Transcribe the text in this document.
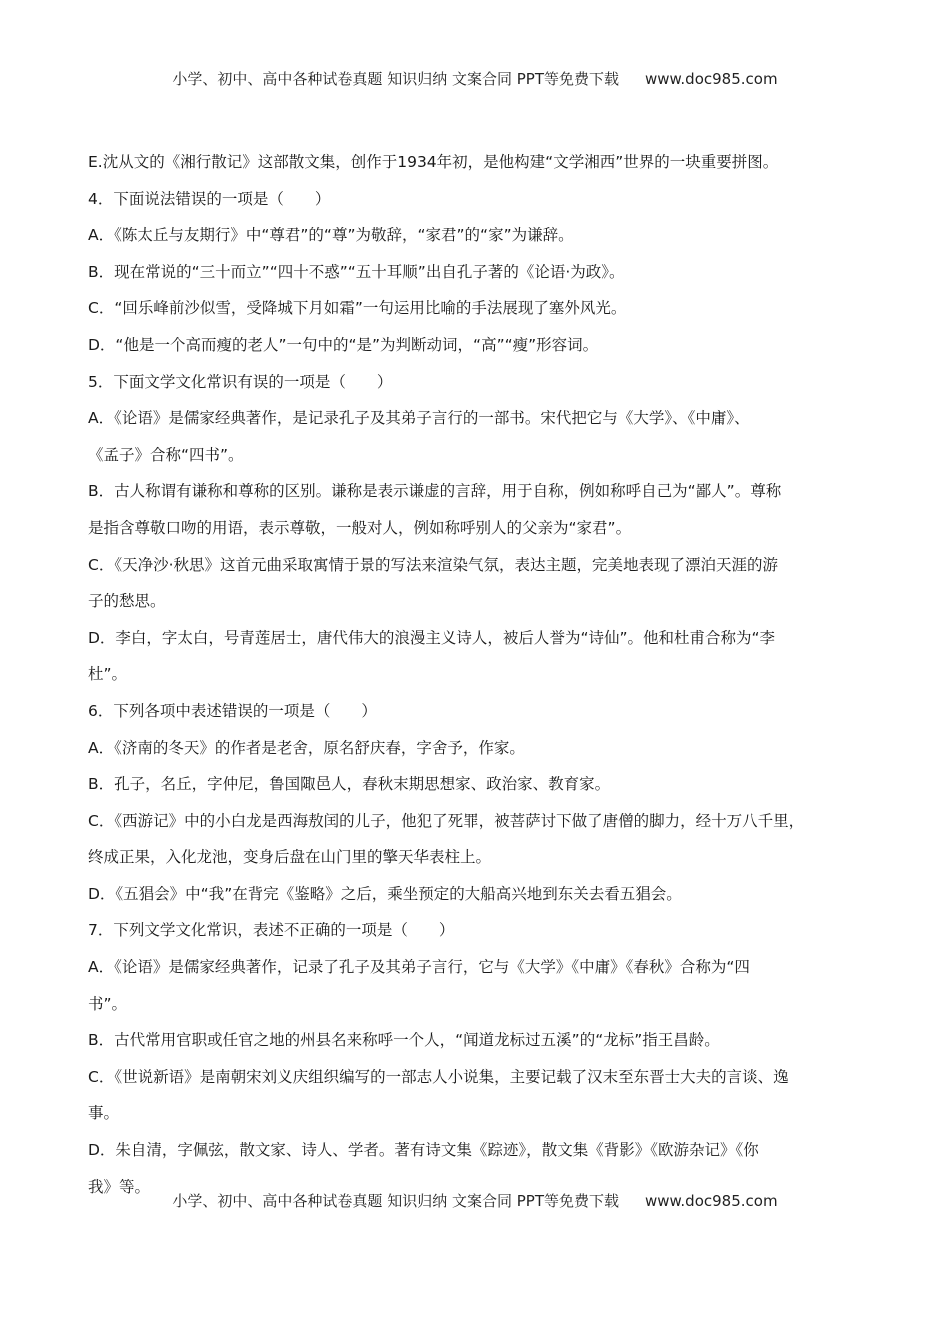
小学、初中、高中各种试卷真题 知识归纳 文案合同 PPT等免费下载 www.doc985.com
E.沈从文的《湘行散记》这部散文集，创作于1934年初，是他构建“文学湘西”世界的一块重要拼图。
4．下面说法错误的一项是（　　）
A．《陈太丘与友期行》中“尊君”的“尊”为敬辞，“家君”的“家”为谦辞。
B．现在常说的“三十而立”“四十不惑”“五十耳顺”出自孔子著的《论语·为政》。
C．“回乐峰前沙似雪，受降城下月如霜”一句运用比喻的手法展现了塞外风光。
D．“他是一个高而瘦的老人”一句中的“是”为判断动词，“高”“瘦”形容词。
5．下面文学文化常识有误的一项是（　　）
A．《论语》是儒家经典著作，是记录孔子及其弟子言行的一部书。宋代把它与《大学》、《中庸》、
《孟子》合称“四书”。
B．古人称谓有谦称和尊称的区别。谦称是表示谦虚的言辞，用于自称，例如称呼自己为“鄙人”。尊称
是指含尊敬口吻的用语，表示尊敬，一般对人，例如称呼别人的父亲为“家君”。
C．《天净沙·秋思》这首元曲采取寓情于景的写法来渲染气氛，表达主题，完美地表现了漂泊天涯的游
子的愁思。
D．李白，字太白，号青莲居士，唐代伟大的浪漫主义诗人，被后人誉为“诗仙”。他和杜甫合称为“李
杜”。
6．下列各项中表述错误的一项是（　　）
A．《济南的冬天》的作者是老舍，原名舒庆春，字舍予，作家。
B．孔子，名丘，字仲尼，鲁国陬邑人，春秋末期思想家、政治家、教育家。
C．《西游记》中的小白龙是西海敖闰的儿子，他犯了死罪，被菩萨讨下做了唐僧的脚力，经十万八千里，
终成正果，入化龙池，变身后盘在山门里的擎天华表柱上。
D．《五猖会》中“我”在背完《鉴略》之后，乘坐预定的大船高兴地到东关去看五猖会。
7．下列文学文化常识，表述不正确的一项是（　　）
A．《论语》是儒家经典著作，记录了孔子及其弟子言行，它与《大学》《中庸》《春秋》合称为“四
书”。
B．古代常用官职或任官之地的州县名来称呼一个人，“闻道龙标过五溪”的“龙标”指王昌龄。
C．《世说新语》是南朝宋刘义庆组织编写的一部志人小说集，主要记载了汉末至东晋士大夫的言谈、逸
事。
D．朱自清，字佩弦，散文家、诗人、学者。著有诗文集《踪迹》，散文集《背影》《欧游杂记》《你
我》等。
小学、初中、高中各种试卷真题 知识归纳 文案合同 PPT等免费下载 www.doc985.com
